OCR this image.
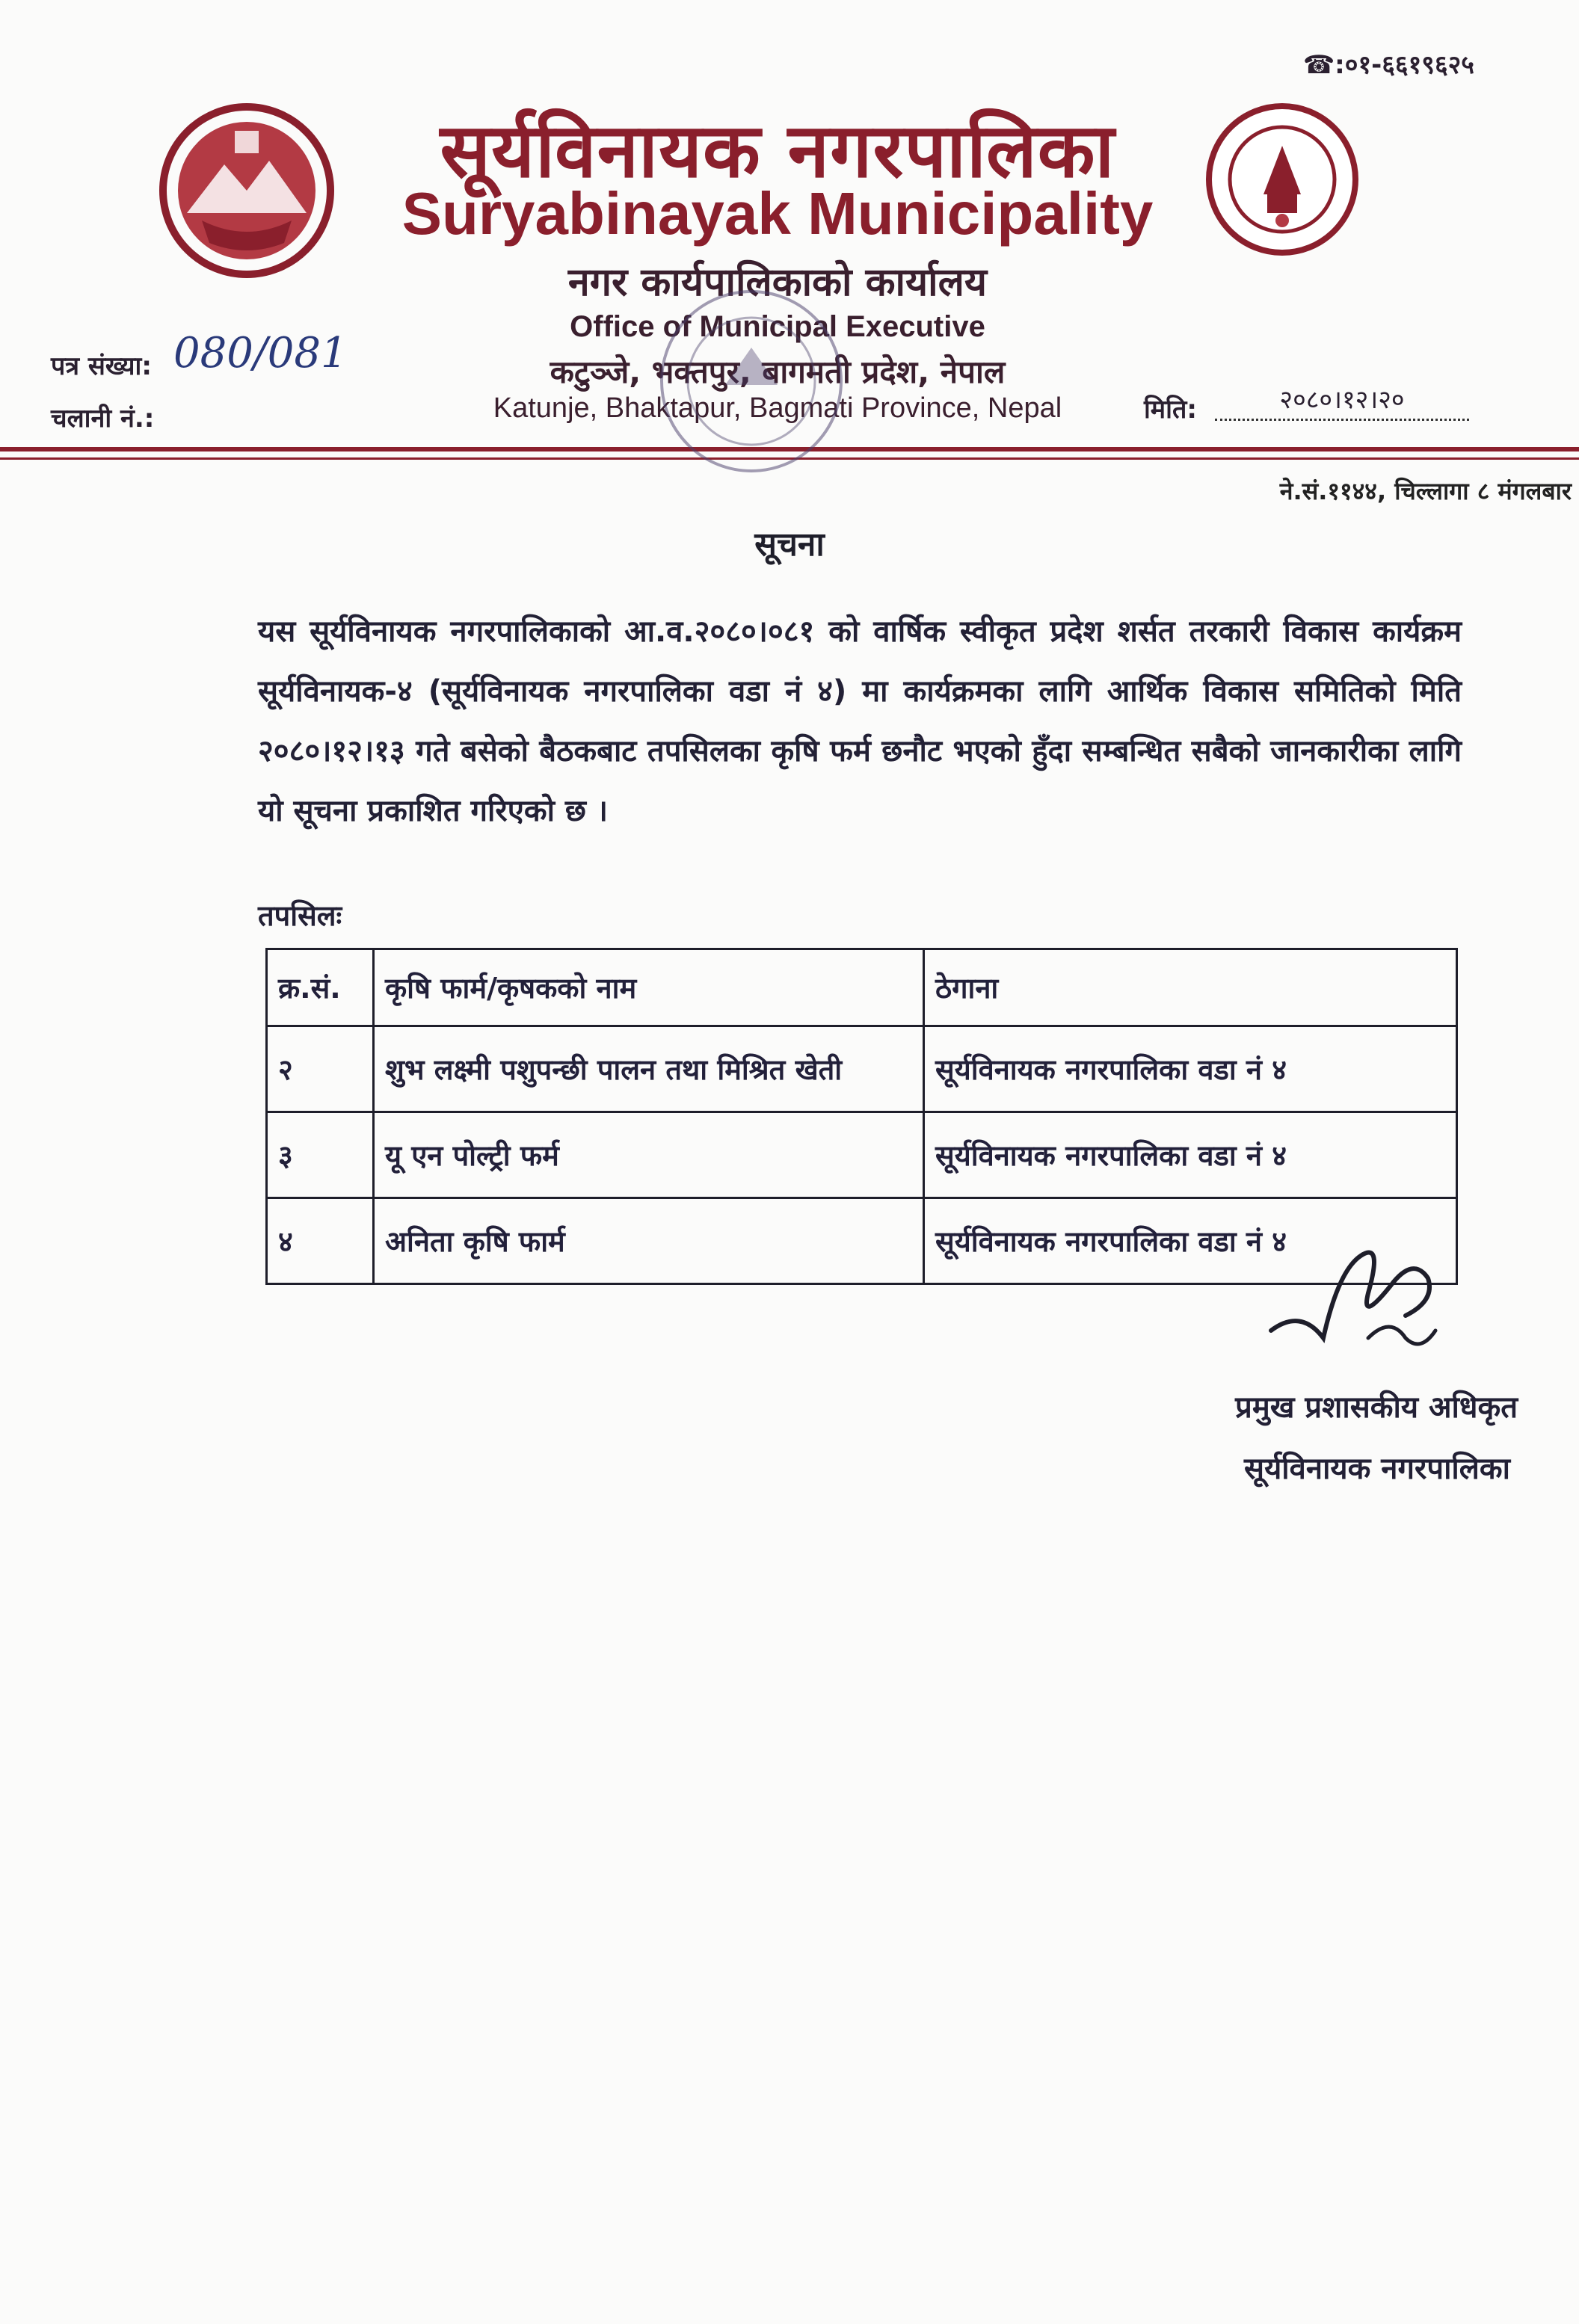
☎:०१-६६१९६२५
सूर्यविनायक नगरपालिका
Suryabinayak Municipality
नगर कार्यपालिकाको कार्यालय
Office of Municipal Executive
कटुञ्जे, भक्तपुर, बागमती प्रदेश, नेपाल
Katunje, Bhaktapur, Bagmati Province, Nepal
पत्र संख्या: 080/081
चलानी नं.:	मिति:	२०८०।१२।२०
ने.सं.११४४, चिल्लागा ८ मंगलबार
सूचना
यस सूर्यविनायक नगरपालिकाको आ.व.२०८०।०८१ को वार्षिक स्वीकृत प्रदेश शर्सत तरकारी विकास कार्यक्रम सूर्यविनायक-४ (सूर्यविनायक नगरपालिका वडा नं ४) मा कार्यक्रमका लागि आर्थिक विकास समितिको मिति २०८०।१२।१३ गते बसेको बैठकबाट तपसिलका कृषि फर्म छनौट भएको हुँदा सम्बन्धित सबैको जानकारीका लागि यो सूचना प्रकाशित गरिएको छ ।
तपसिलः
क्र.सं.	कृषि फार्म/कृषकको नाम	ठेगाना
२	शुभ लक्ष्मी पशुपन्छी पालन तथा मिश्रित खेती	सूर्यविनायक नगरपालिका वडा नं ४
३	यू एन पोल्ट्री फर्म	सूर्यविनायक नगरपालिका वडा नं ४
४	अनिता कृषि फार्म	सूर्यविनायक नगरपालिका वडा नं ४
प्रमुख प्रशासकीय अधिकृत
सूर्यविनायक नगरपालिका
